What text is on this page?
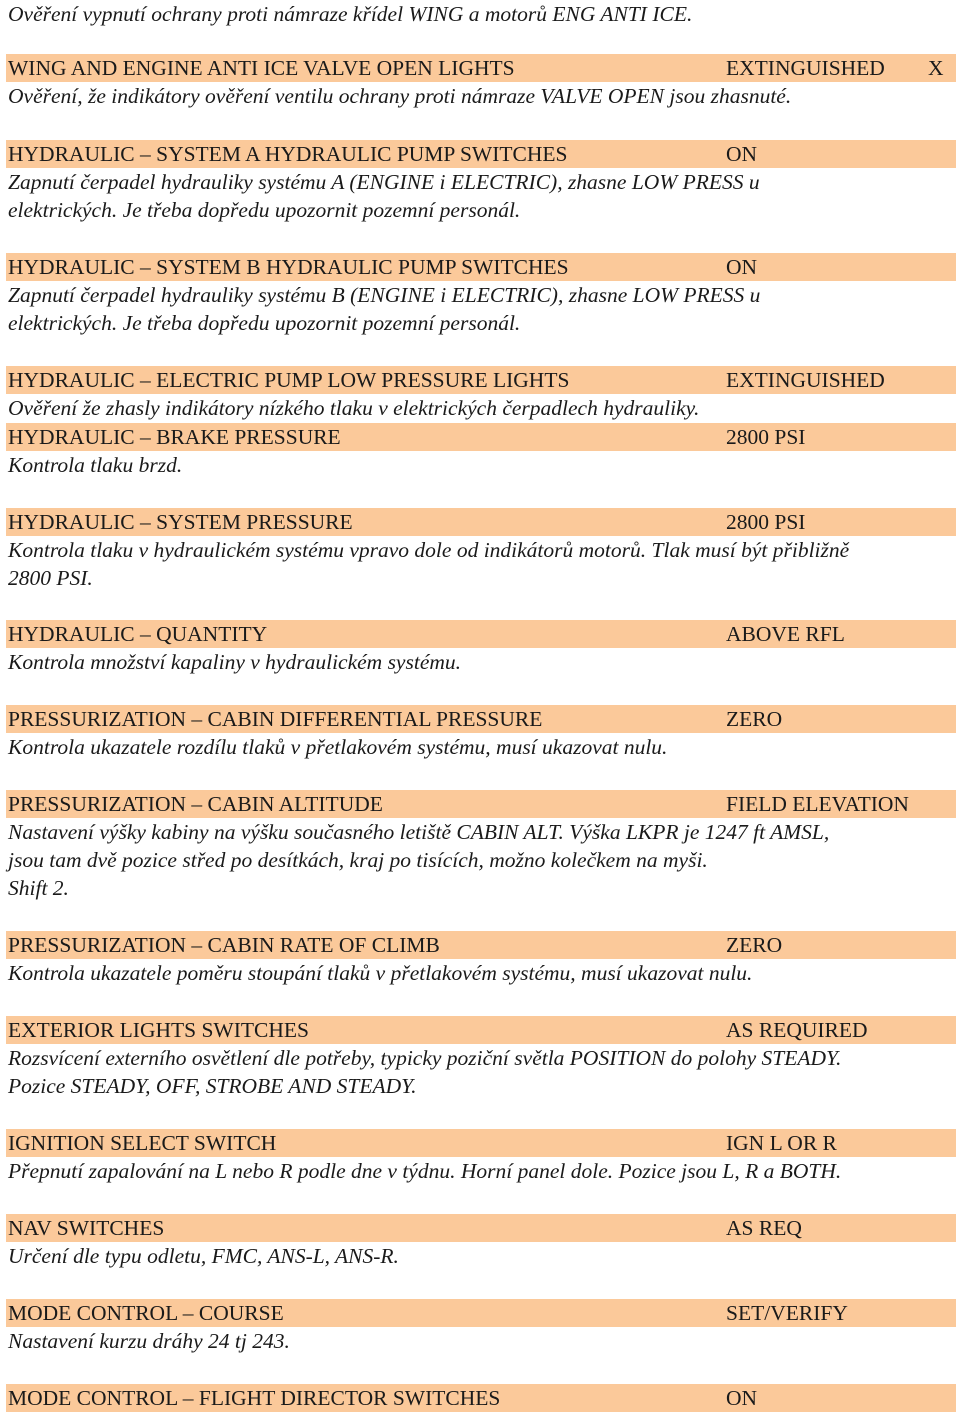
Ověření vypnutí ochrany proti námraze křídel WING a motorů ENG ANTI ICE.
WING AND ENGINE ANTI ICE VALVE OPEN LIGHTS	EXTINGUISHED X
Ověření, že indikátory ověření ventilu ochrany proti námraze VALVE OPEN jsou zhasnuté.
HYDRAULIC – SYSTEM A HYDRAULIC PUMP SWITCHES	ON
Zapnutí čerpadel hydrauliky systému A (ENGINE i ELECTRIC), zhasne LOW PRESS u
elektrických. Je třeba dopředu upozornit pozemní personál.
HYDRAULIC – SYSTEM B HYDRAULIC PUMP SWITCHES	ON
Zapnutí čerpadel hydrauliky systému B (ENGINE i ELECTRIC), zhasne LOW PRESS u
elektrických. Je třeba dopředu upozornit pozemní personál.
HYDRAULIC – ELECTRIC PUMP LOW PRESSURE LIGHTS	EXTINGUISHED
Ověření že zhasly indikátory nízkého tlaku v elektrických čerpadlech hydrauliky.
HYDRAULIC – BRAKE PRESSURE	2800 PSI
Kontrola tlaku brzd.
HYDRAULIC – SYSTEM PRESSURE	2800 PSI
Kontrola tlaku v hydraulickém systému vpravo dole od indikátorů motorů. Tlak musí být přibližně
2800 PSI.
HYDRAULIC – QUANTITY	ABOVE RFL
Kontrola množství kapaliny v hydraulickém systému.
PRESSURIZATION – CABIN DIFFERENTIAL PRESSURE	ZERO
Kontrola ukazatele rozdílu tlaků v přetlakovém systému, musí ukazovat nulu.
PRESSURIZATION – CABIN ALTITUDE	FIELD ELEVATION
Nastavení výšky kabiny na výšku současného letiště CABIN ALT. Výška LKPR je 1247 ft AMSL,
jsou tam dvě pozice střed po desítkách, kraj po tisících, možno kolečkem na myši.
Shift 2.
PRESSURIZATION – CABIN RATE OF CLIMB	ZERO
Kontrola ukazatele poměru stoupání tlaků v přetlakovém systému, musí ukazovat nulu.
EXTERIOR LIGHTS SWITCHES	AS REQUIRED
Rozsvícení externího osvětlení dle potřeby, typicky poziční světla POSITION do polohy STEADY.
Pozice STEADY, OFF, STROBE AND STEADY.
IGNITION SELECT SWITCH	IGN L OR R
Přepnutí zapalování na L nebo R podle dne v týdnu. Horní panel dole. Pozice jsou L, R a BOTH.
NAV SWITCHES	AS REQ
Určení dle typu odletu, FMC, ANS-L, ANS-R.
MODE CONTROL – COURSE	SET/VERIFY
Nastavení kurzu dráhy 24 tj 243.
MODE CONTROL – FLIGHT DIRECTOR SWITCHES	ON
